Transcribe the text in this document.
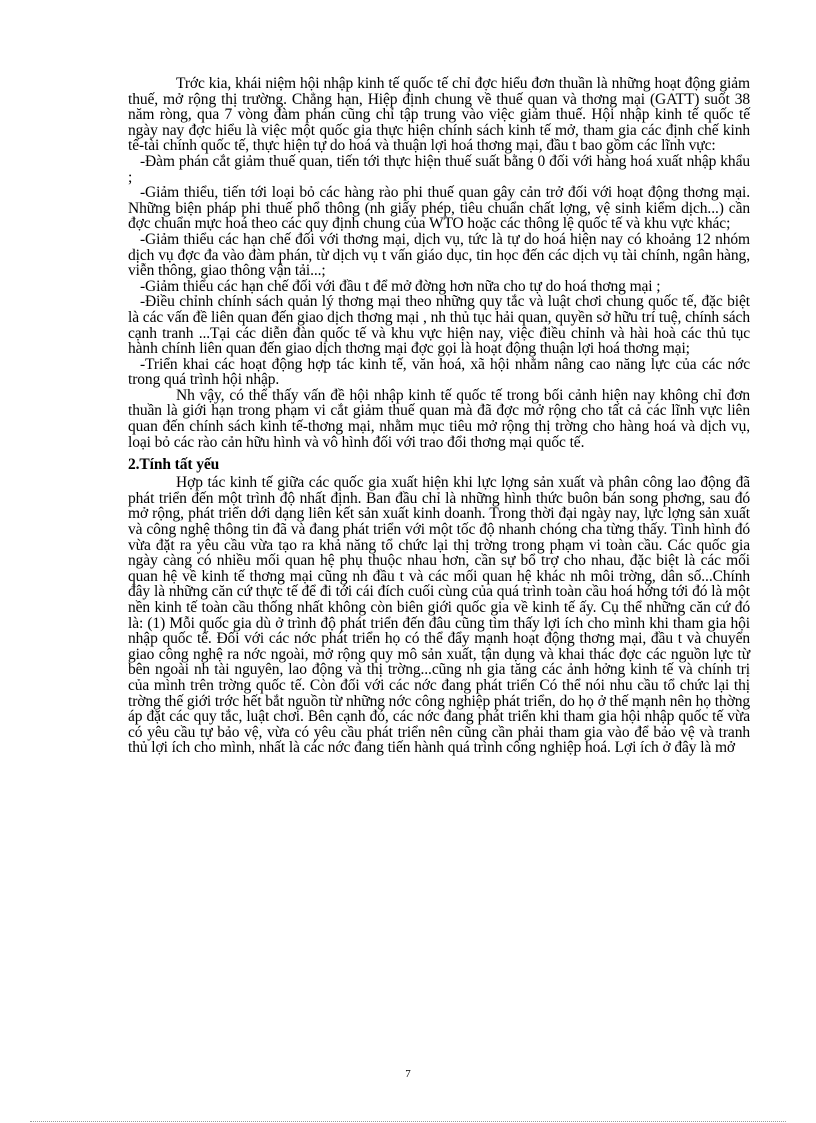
Trớc kia, khái niệm hội nhập kinh tế quốc tế chỉ đợc hiểu đơn thuần là những hoạt động giảm thuế, mở rộng thị trường. Chẳng hạn, Hiệp định chung về thuế quan và thơng mại (GATT) suốt 38 năm ròng, qua 7 vòng đàm phán cũng chỉ tập trung vào việc giảm thuế. Hội nhập kinh tế quốc tế ngày nay đợc hiểu là việc một quốc gia thực hiện chính sách kinh tế mở, tham gia các định chế kinh tế-tài chính quốc tế, thực hiện tự do hoá và thuận lợi hoá thơng mại, đầu t bao gồm các lĩnh vực:

-Đàm phán cắt giảm thuế quan, tiến tới thực hiện thuế suất bằng 0 đối với hàng hoá xuất nhập khẩu ;

-Giảm thiểu, tiến tới loại bỏ các hàng rào phi thuế quan gây cản trở đối với hoạt động thơng mại. Những biện pháp phi thuế phổ thông (nh giấy phép, tiêu chuẩn chất lợng, vệ sinh kiểm dịch...) cần đợc chuẩn mực hoá theo các quy định chung của WTO hoặc các thông lệ quốc tế và khu vực khác;

-Giảm thiểu các hạn chế đối với thơng mại, dịch vụ, tức là tự do hoá hiện nay có khoảng 12 nhóm dịch vụ đợc đa vào đàm phán, từ dịch vụ t vấn giáo dục, tin học đến các dịch vụ tài chính, ngân hàng, viễn thông, giao thông vận tải...;

-Giảm thiểu các hạn chế đối với đầu t để mở đờng hơn nữa cho tự do hoá thơng mại ;

-Điều chỉnh chính sách quản lý thơng mại theo những quy tắc và luật chơi chung quốc tế, đặc biệt là các vấn đề liên quan đến giao dịch thơng mại , nh thủ tục hải quan, quyền sở hữu trí tuệ, chính sách cạnh tranh ...Tại các diễn đàn quốc tế và khu vực hiện nay, việc điều chỉnh và hài hoà các thủ tục hành chính liên quan đến giao dịch thơng mại đợc gọi là hoạt động thuận lợi hoá thơng mại;

-Triển khai các hoạt động hợp tác kinh tế, văn hoá, xã hội nhằm nâng cao năng lực của các nớc trong quá trình hội nhập.

Nh vậy, có thể thấy vấn đề hội nhập kinh tế quốc tế trong bối cảnh hiện nay không chỉ đơn thuần là giới hạn trong phạm vi cắt giảm thuế quan mà đã đợc mở rộng cho tất cả các lĩnh vực liên quan đến chính sách kinh tế-thơng mại, nhằm mục tiêu mở rộng thị trờng cho hàng hoá và dịch vụ, loại bỏ các rào cản hữu hình và vô hình đối với trao đổi thơng mại quốc tế.

2.Tính tất yếu

Hợp tác kinh tế giữa các quốc gia xuất hiện khi lực lợng sản xuất và phân công lao động đã phát triển đến một trình độ nhất định. Ban đầu chỉ là những hình thức buôn bán song phơng, sau đó mở rộng, phát triển dới dạng liên kết sản xuất kinh doanh. Trong thời đại ngày nay, lực lợng sản xuất và công nghệ thông tin đã và đang phát triển với một tốc độ nhanh chóng cha từng thấy. Tình hình đó vừa đặt ra yêu cầu vừa tạo ra khả năng tổ chức lại thị trờng trong phạm vi toàn cầu. Các quốc gia ngày càng có nhiều mối quan hệ phụ thuộc nhau hơn, cần sự bổ trợ cho nhau, đặc biệt là các mối quan hệ về kinh tế thơng mại cũng nh đầu t và các mối quan hệ khác nh môi trờng, dân số...Chính đây là những căn cứ thực tế để đi tới cái đích cuối cùng của quá trình toàn cầu hoá hớng tới đó là một nền kinh tế toàn cầu thống nhất không còn biên giới quốc gia về kinh tế ấy. Cụ thể những căn cứ đó là: (1) Mỗi quốc gia dù ở trình độ phát triển đến đâu cũng tìm thấy lợi ích cho mình khi tham gia hội nhập quốc tế. Đối với các nớc phát triển họ có thể đẩy mạnh hoạt động thơng mại, đầu t và chuyển giao công nghệ ra nớc ngoài, mở rộng quy mô sản xuất, tận dụng và khai thác đợc các nguồn lực từ bên ngoài nh tài nguyên, lao động và thị trờng...cũng nh gia tăng các ảnh hởng kinh tế và chính trị của mình trên trờng quốc tế. Còn đối với các nớc đang phát triển Có thể nói nhu cầu tổ chức lại thị trờng thế giới trớc hết bắt nguồn từ những nớc công nghiệp phát triển, do họ ở thế mạnh nên họ thờng áp đặt các quy tắc, luật chơi. Bên cạnh đó, các nớc đang phát triển khi tham gia hội nhập quốc tế vừa có yêu cầu tự bảo vệ, vừa có yêu cầu phát triển nên cũng cần phải tham gia vào để bảo vệ và tranh thủ lợi ích cho mình, nhất là các nớc đang tiến hành quá trình công nghiệp hoá. Lợi ích ở đây là mở

7
